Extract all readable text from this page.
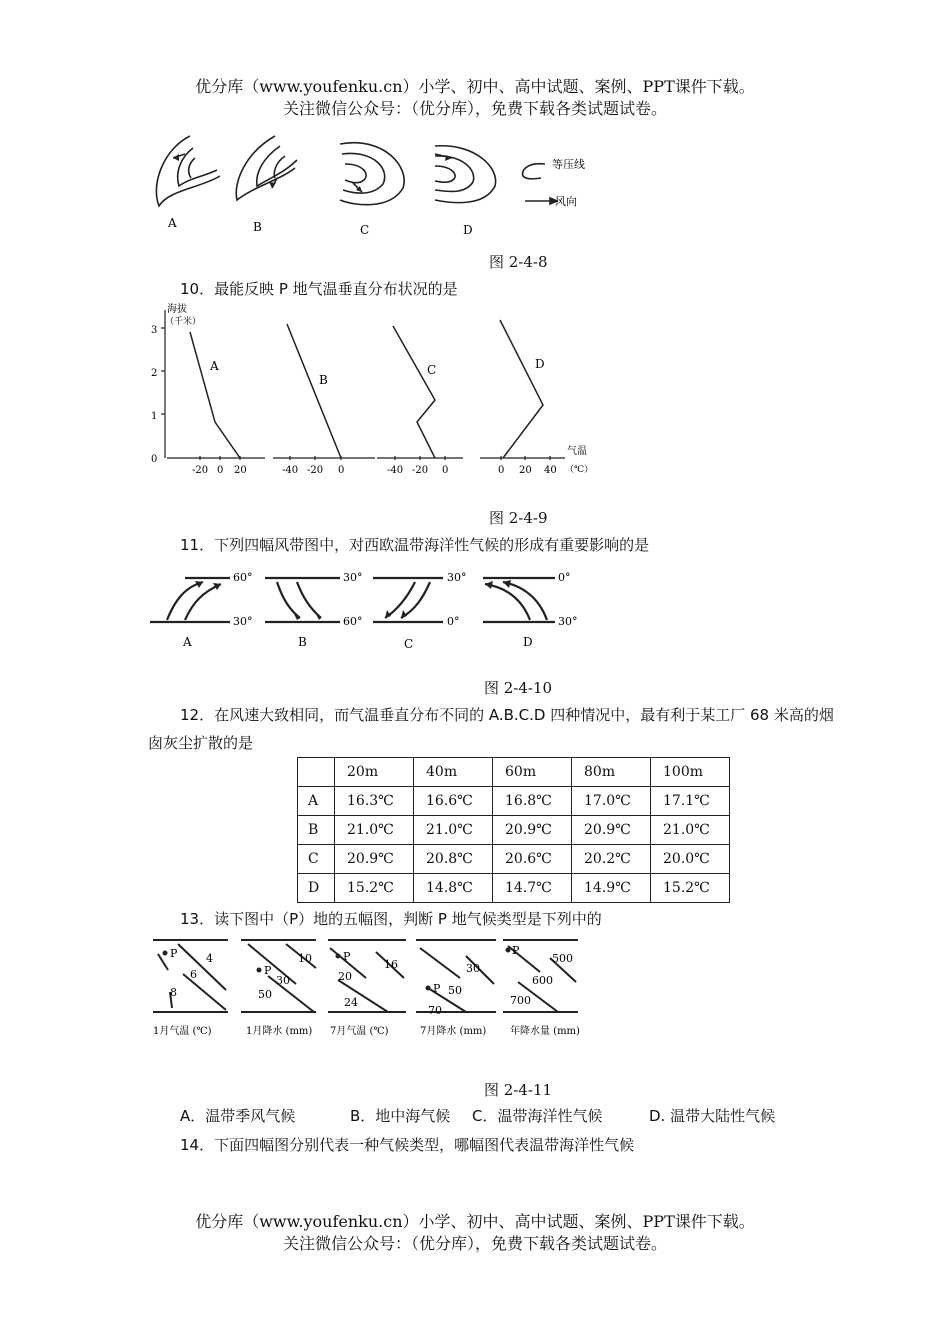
优分库（www.youfenku.cn）小学、初中、高中试题、案例、PPT课件下载。
关注微信公众号：（优分库），免费下载各类试题试卷。
A	B	C	D
等压线
风向
图 2-4-8
10．最能反映 P 地气温垂直分布状况的是
海拔
（千米）
3
2
1
0
A
B
C	D
-20 0 20	-40 -20 0	-40 -20 0	0 20 40
气温
（℃）
图 2-4-9
11．下列四幅风带图中，对西欧温带海洋性气候的形成有重要影响的是
60°
30°
30°
60°
30°
0°
0°
30°
A	B	C	D
图 2-4-10
12．在风速大致相同，而气温垂直分布不同的 A.B.C.D 四种情况中，最有利于某工厂 68 米高的烟
囱灰尘扩散的是
	20m	40m	60m	80m	100m
A	16.3℃	16.6℃	16.8℃	17.0℃	17.1℃
B	21.0℃	21.0℃	20.9℃	20.9℃	21.0℃
C	20.9℃	20.8℃	20.6℃	20.2℃	20.0℃
D	15.2℃	14.8℃	14.7℃	14.9℃	15.2℃
13．读下图中（P）地的五幅图，判断 P 地气候类型是下列中的
P	4
6
8
1月气温 (℃)
P
10
30
50
1月降水 (mm)
P
16
20
24
7月气温 (℃)
P
30
50
70
7月降水 (mm)
P
500
600
700
年降水量 (mm)
图 2-4-11
A．温带季风气候	B．地中海气候 C．温带海洋性气候	D. 温带大陆性气候
14．下面四幅图分别代表一种气候类型，哪幅图代表温带海洋性气候
优分库（www.youfenku.cn）小学、初中、高中试题、案例、PPT课件下载。
关注微信公众号：（优分库），免费下载各类试题试卷。
